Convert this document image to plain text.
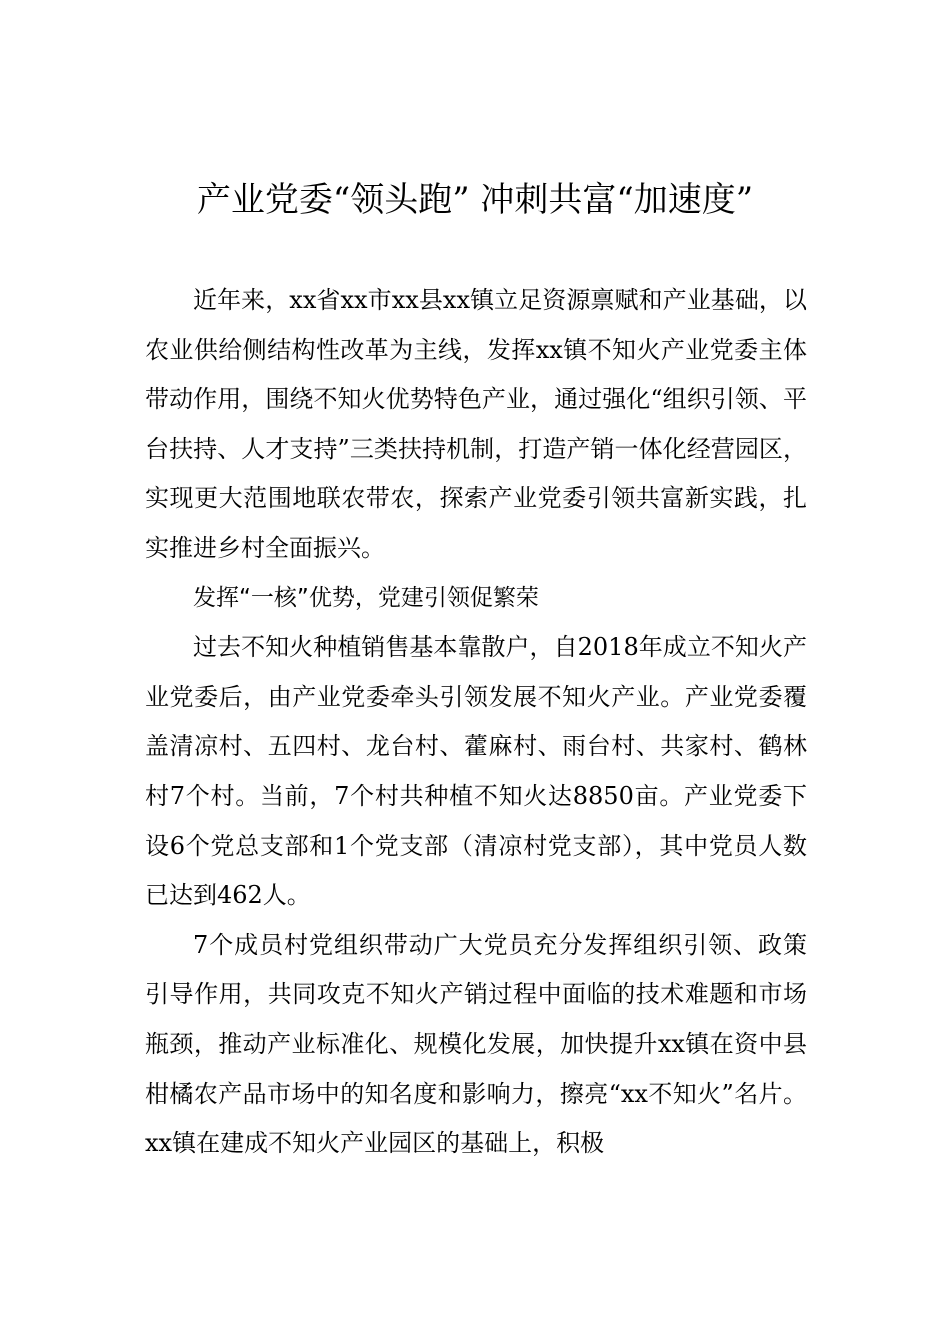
产业党委“领头跑” 冲刺共富“加速度”

近年来，xx省xx市xx县xx镇立足资源禀赋和产业基础，以农业供给侧结构性改革为主线，发挥xx镇不知火产业党委主体带动作用，围绕不知火优势特色产业，通过强化“组织引领、平台扶持、人才支持”三类扶持机制，打造产销一体化经营园区，实现更大范围地联农带农，探索产业党委引领共富新实践，扎实推进乡村全面振兴。

发挥“一核”优势，党建引领促繁荣

过去不知火种植销售基本靠散户，自2018年成立不知火产业党委后，由产业党委牵头引领发展不知火产业。产业党委覆盖清凉村、五四村、龙台村、藿麻村、雨台村、共家村、鹤林村7个村。当前，7个村共种植不知火达8850亩。产业党委下设6个党总支部和1个党支部（清凉村党支部），其中党员人数已达到462人。

7个成员村党组织带动广大党员充分发挥组织引领、政策引导作用，共同攻克不知火产销过程中面临的技术难题和市场瓶颈，推动产业标准化、规模化发展，加快提升xx镇在资中县柑橘农产品市场中的知名度和影响力，擦亮“xx不知火”名片。xx镇在建成不知火产业园区的基础上，积极
